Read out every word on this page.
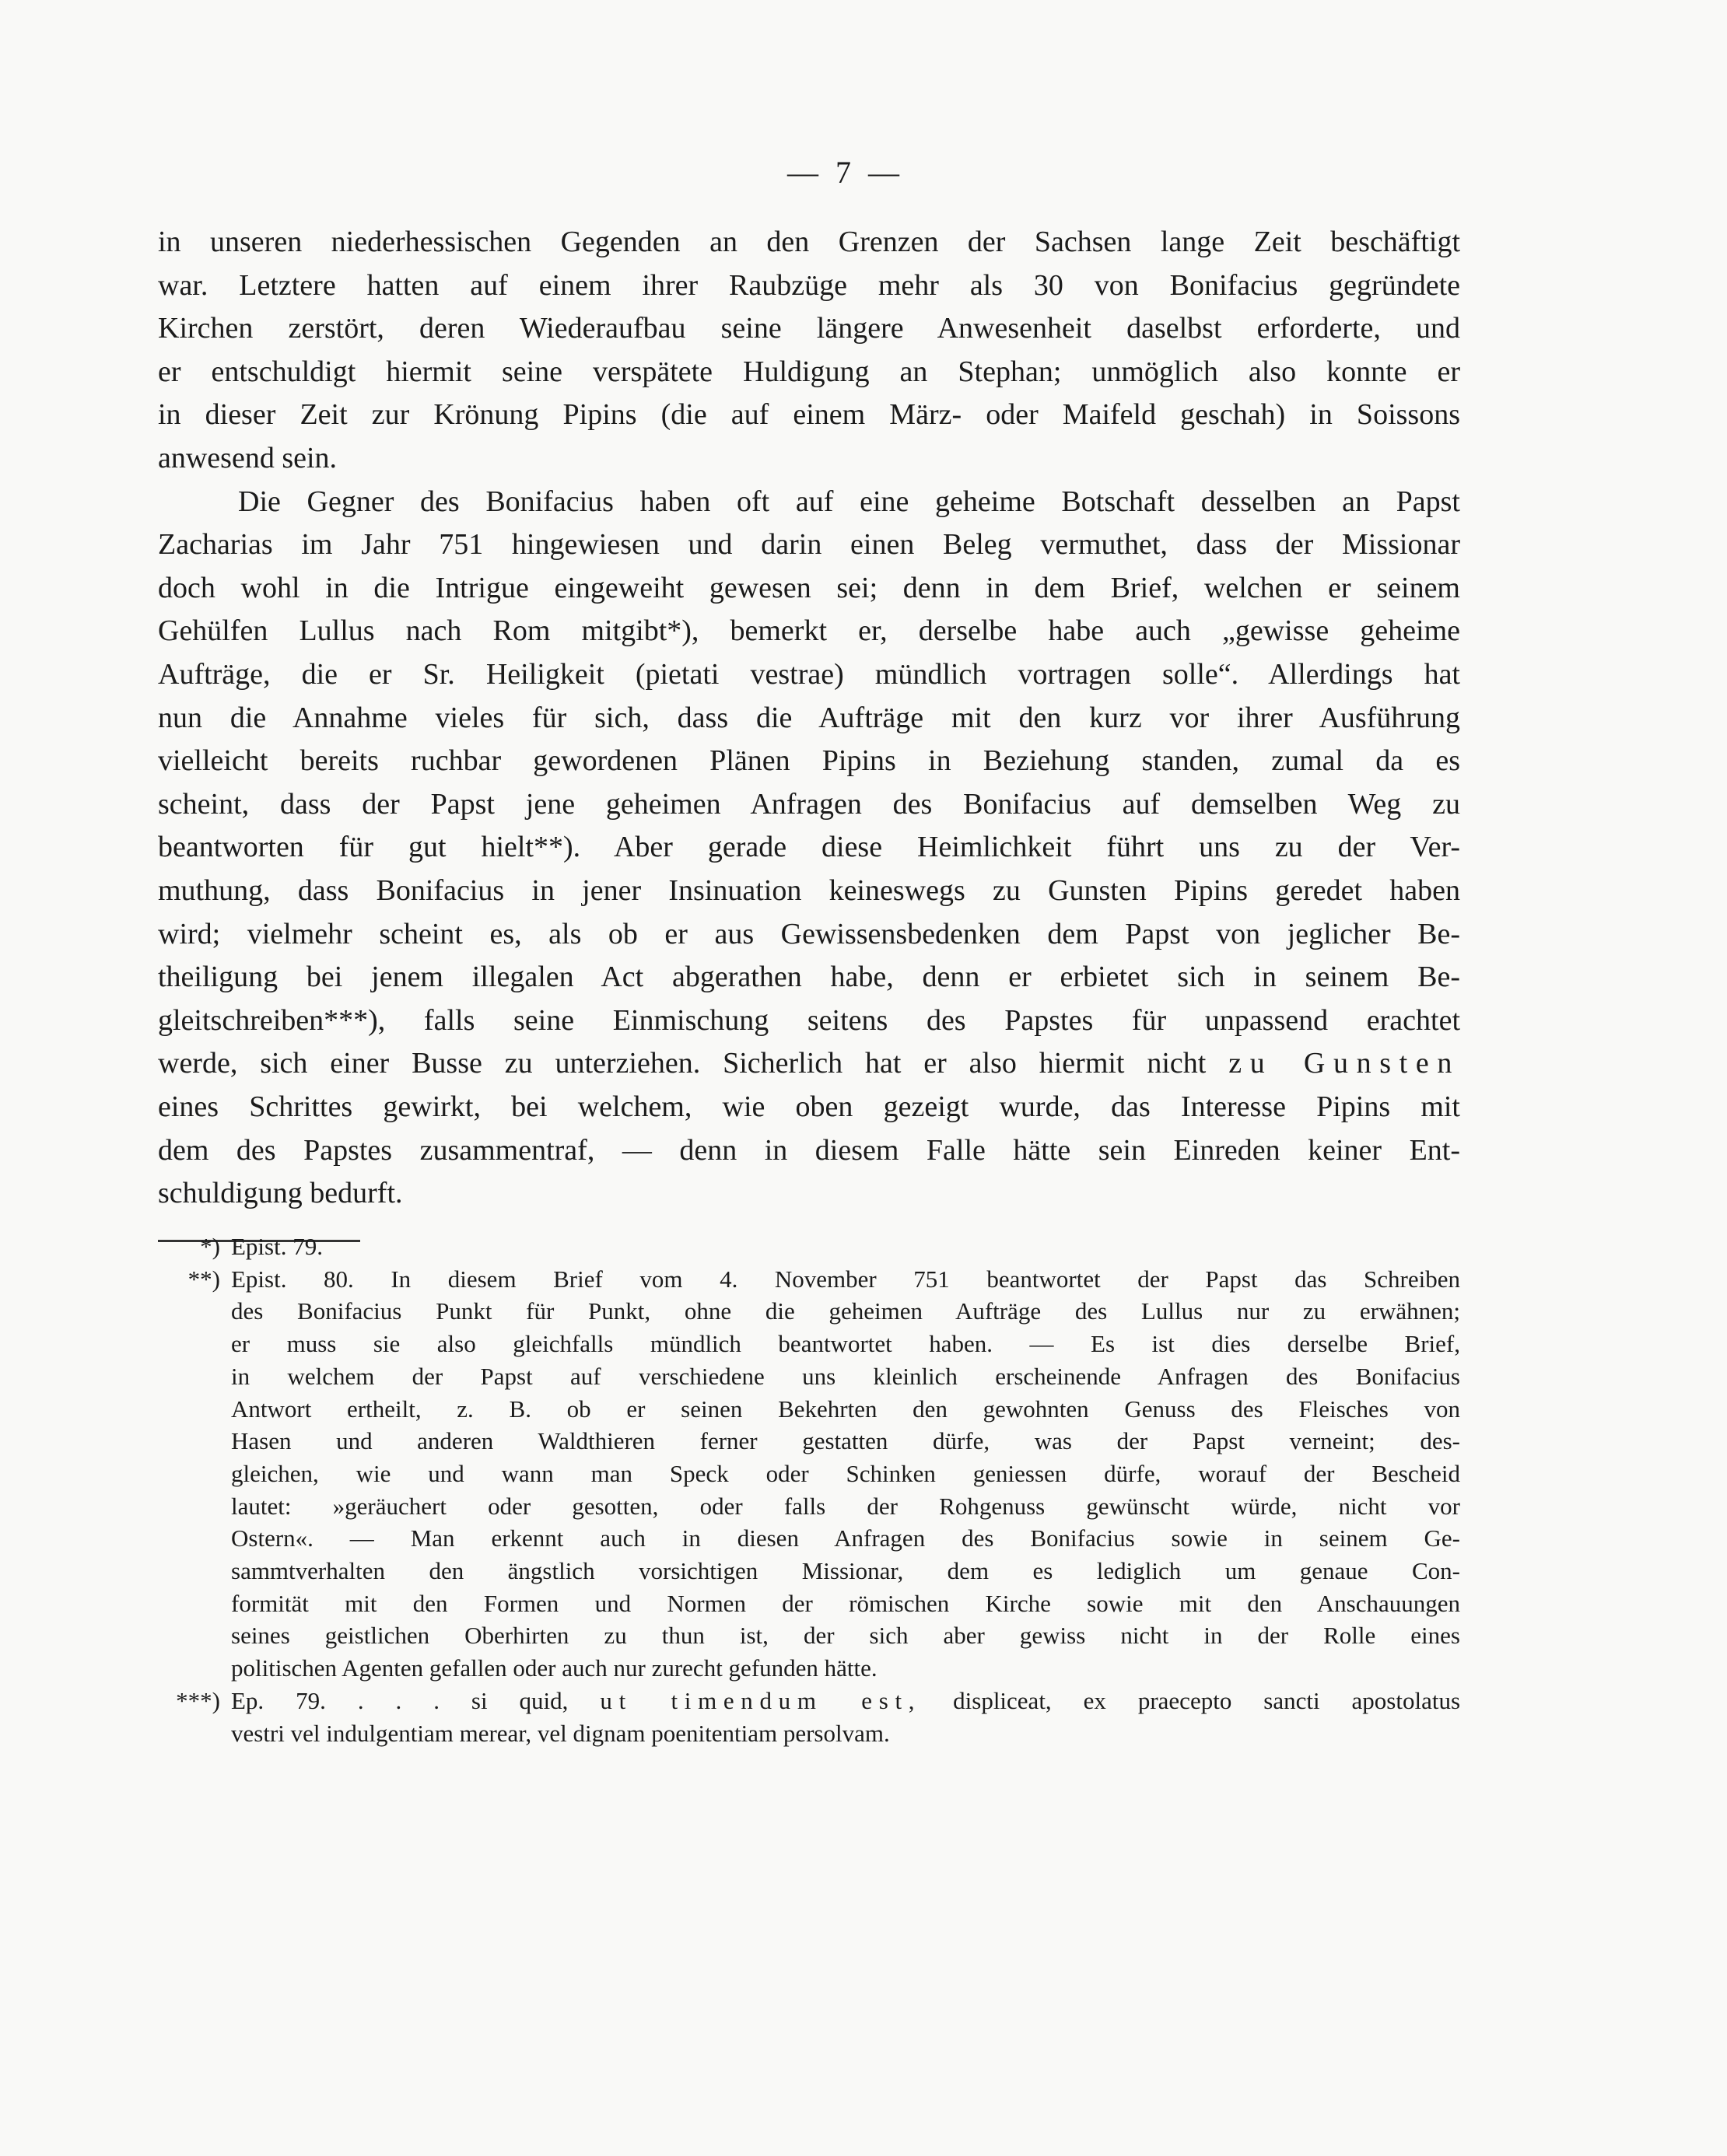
— 7 —
in unseren niederhessischen Gegenden an den Grenzen der Sachsen lange Zeit beschäftigt
war. Letztere hatten auf einem ihrer Raubzüge mehr als 30 von Bonifacius gegründete
Kirchen zerstört, deren Wiederaufbau seine längere Anwesenheit daselbst erforderte, und
er entschuldigt hiermit seine verspätete Huldigung an Stephan; unmöglich also konnte er
in dieser Zeit zur Krönung Pipins (die auf einem März- oder Maifeld geschah) in Soissons
anwesend sein.
Die Gegner des Bonifacius haben oft auf eine geheime Botschaft desselben an Papst
Zacharias im Jahr 751 hingewiesen und darin einen Beleg vermuthet, dass der Missionar
doch wohl in die Intrigue eingeweiht gewesen sei; denn in dem Brief, welchen er seinem
Gehülfen Lullus nach Rom mitgibt*), bemerkt er, derselbe habe auch „gewisse geheime
Aufträge, die er Sr. Heiligkeit (pietati vestrae) mündlich vortragen solle“. Allerdings hat
nun die Annahme vieles für sich, dass die Aufträge mit den kurz vor ihrer Ausführung
vielleicht bereits ruchbar gewordenen Plänen Pipins in Beziehung standen, zumal da es
scheint, dass der Papst jene geheimen Anfragen des Bonifacius auf demselben Weg zu
beantworten für gut hielt**). Aber gerade diese Heimlichkeit führt uns zu der Ver-
muthung, dass Bonifacius in jener Insinuation keineswegs zu Gunsten Pipins geredet haben
wird; vielmehr scheint es, als ob er aus Gewissensbedenken dem Papst von jeglicher Be-
theiligung bei jenem illegalen Act abgerathen habe, denn er erbietet sich in seinem Be-
gleitschreiben***), falls seine Einmischung seitens des Papstes für unpassend erachtet
werde, sich einer Busse zu unterziehen. Sicherlich hat er also hiermit nicht zu Gunsten
eines Schrittes gewirkt, bei welchem, wie oben gezeigt wurde, das Interesse Pipins mit
dem des Papstes zusammentraf, — denn in diesem Falle hätte sein Einreden keiner Ent-
schuldigung bedurft.
*) Epist. 79.
**) Epist. 80. In diesem Brief vom 4. November 751 beantwortet der Papst das Schreiben
des Bonifacius Punkt für Punkt, ohne die geheimen Aufträge des Lullus nur zu erwähnen;
er muss sie also gleichfalls mündlich beantwortet haben. — Es ist dies derselbe Brief,
in welchem der Papst auf verschiedene uns kleinlich erscheinende Anfragen des Bonifacius
Antwort ertheilt, z. B. ob er seinen Bekehrten den gewohnten Genuss des Fleisches von
Hasen und anderen Waldthieren ferner gestatten dürfe, was der Papst verneint; des-
gleichen, wie und wann man Speck oder Schinken geniessen dürfe, worauf der Bescheid
lautet: »geräuchert oder gesotten, oder falls der Rohgenuss gewünscht würde, nicht vor
Ostern«. — Man erkennt auch in diesen Anfragen des Bonifacius sowie in seinem Ge-
sammtverhalten den ängstlich vorsichtigen Missionar, dem es lediglich um genaue Con-
formität mit den Formen und Normen der römischen Kirche sowie mit den Anschauungen
seines geistlichen Oberhirten zu thun ist, der sich aber gewiss nicht in der Rolle eines
politischen Agenten gefallen oder auch nur zurecht gefunden hätte.
***) Ep. 79. . . . si quid, ut timendum est, displiceat, ex praecepto sancti apostolatus
vestri vel indulgentiam merear, vel dignam poenitentiam persolvam.
